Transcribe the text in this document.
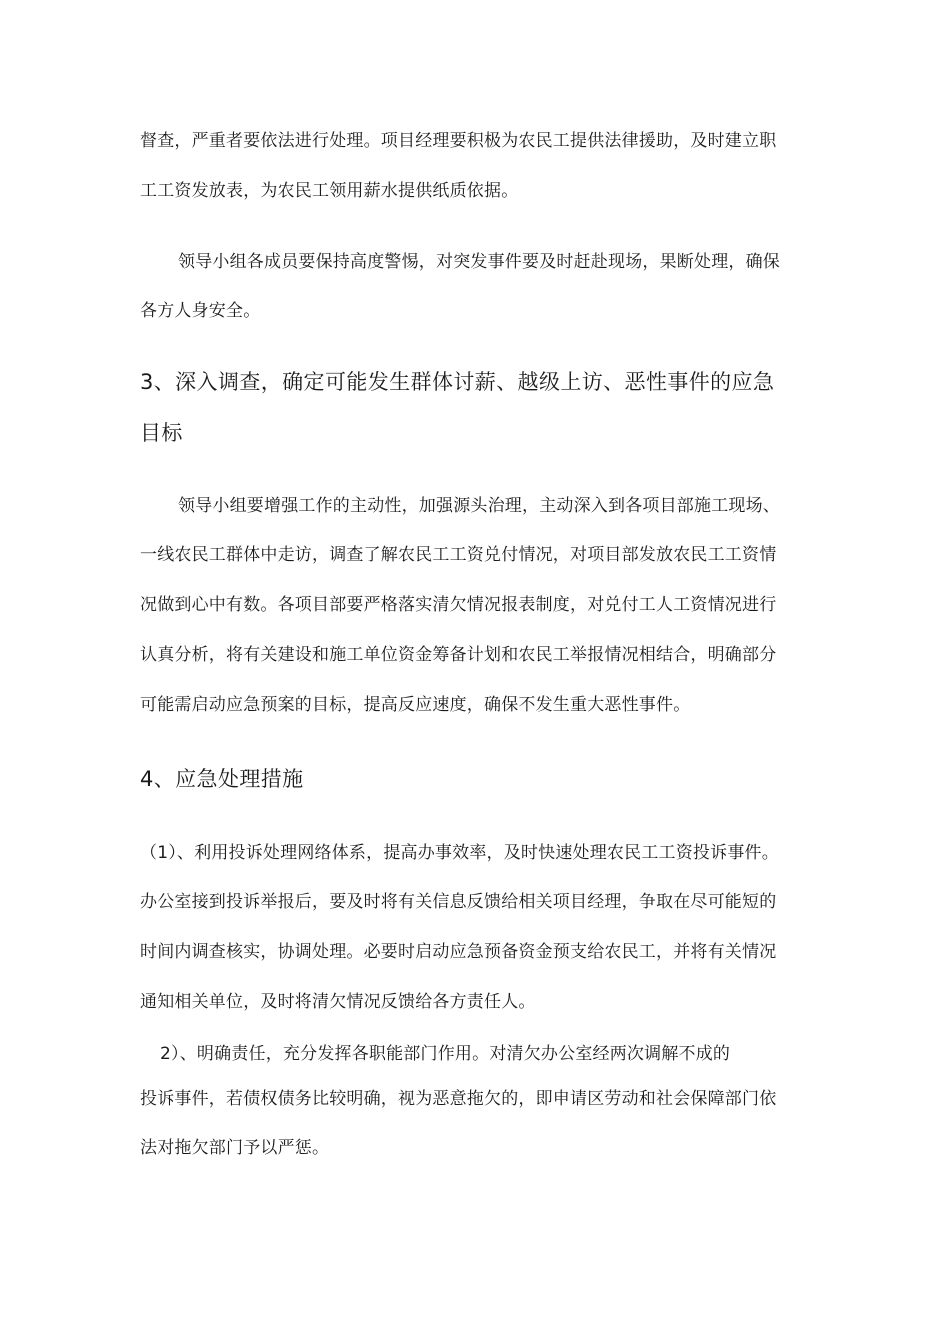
督查，严重者要依法进行处理。项目经理要积极为农民工提供法律援助，及时建立职
工工资发放表，为农民工领用薪水提供纸质依据。
领导小组各成员要保持高度警惕，对突发事件要及时赶赴现场，果断处理，确保
各方人身安全。
3、深入调查，确定可能发生群体讨薪、越级上访、恶性事件的应急
目标
领导小组要增强工作的主动性，加强源头治理，主动深入到各项目部施工现场、
一线农民工群体中走访，调查了解农民工工资兑付情况，对项目部发放农民工工资情
况做到心中有数。各项目部要严格落实清欠情况报表制度，对兑付工人工资情况进行
认真分析，将有关建设和施工单位资金筹备计划和农民工举报情况相结合，明确部分
可能需启动应急预案的目标，提高反应速度，确保不发生重大恶性事件。
4、应急处理措施
（1）、利用投诉处理网络体系，提高办事效率，及时快速处理农民工工资投诉事件。
办公室接到投诉举报后，要及时将有关信息反馈给相关项目经理，争取在尽可能短的
时间内调查核实，协调处理。必要时启动应急预备资金预支给农民工，并将有关情况
通知相关单位，及时将清欠情况反馈给各方责任人。
2）、明确责任，充分发挥各职能部门作用。对清欠办公室经两次调解不成的
投诉事件，若债权债务比较明确，视为恶意拖欠的，即申请区劳动和社会保障部门依
法对拖欠部门予以严惩。
